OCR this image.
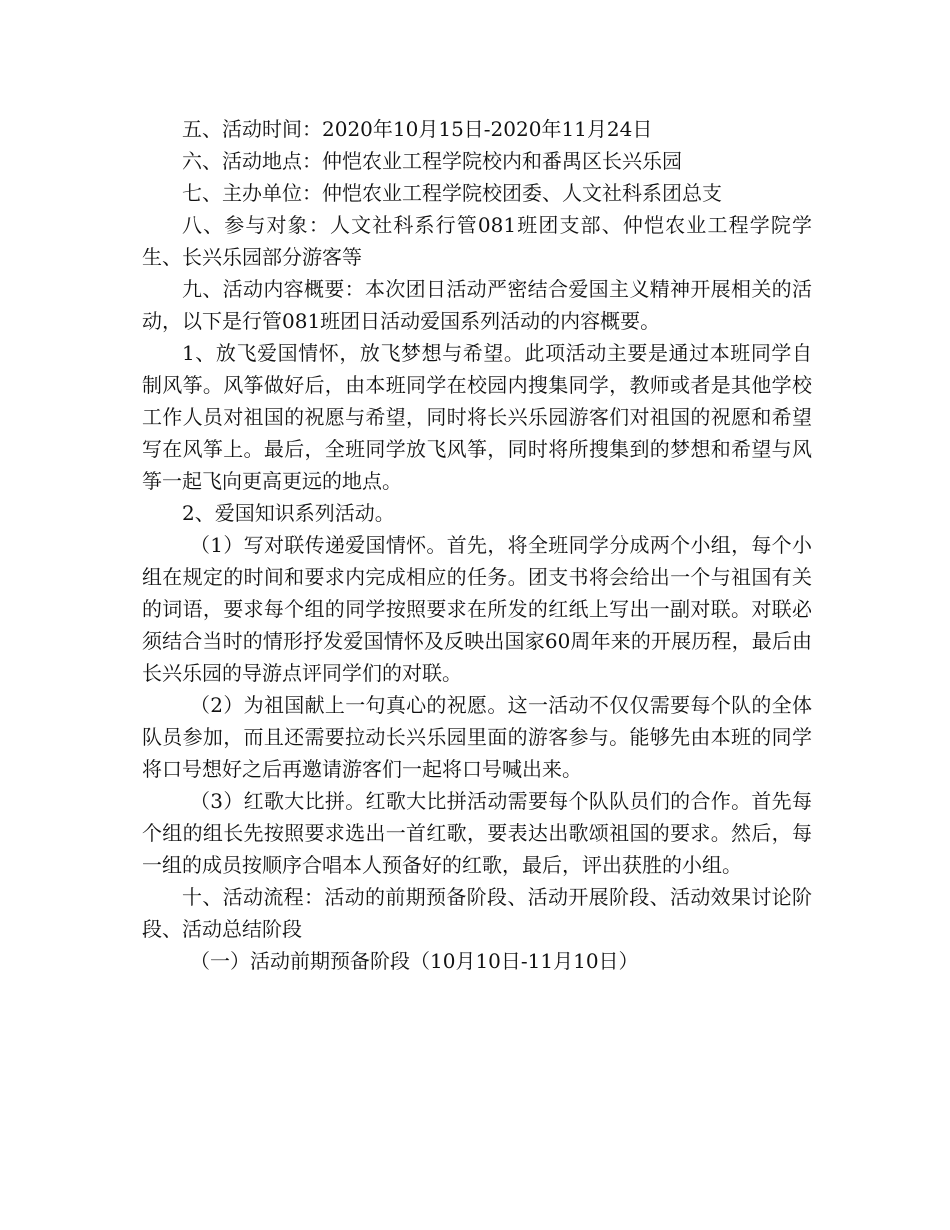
五、活动时间：2020年10月15日-2020年11月24日

六、活动地点：仲恺农业工程学院校内和番禺区长兴乐园

七、主办单位：仲恺农业工程学院校团委、人文社科系团总支

八、参与对象：人文社科系行管081班团支部、仲恺农业工程学院学生、长兴乐园部分游客等

九、活动内容概要：本次团日活动严密结合爱国主义精神开展相关的活动，以下是行管081班团日活动爱国系列活动的内容概要。

1、放飞爱国情怀，放飞梦想与希望。此项活动主要是通过本班同学自制风筝。风筝做好后，由本班同学在校园内搜集同学，教师或者是其他学校工作人员对祖国的祝愿与希望，同时将长兴乐园游客们对祖国的祝愿和希望写在风筝上。最后，全班同学放飞风筝，同时将所搜集到的梦想和希望与风筝一起飞向更高更远的地点。

2、爱国知识系列活动。

（1）写对联传递爱国情怀。首先，将全班同学分成两个小组，每个小组在规定的时间和要求内完成相应的任务。团支书将会给出一个与祖国有关的词语，要求每个组的同学按照要求在所发的红纸上写出一副对联。对联必须结合当时的情形抒发爱国情怀及反映出国家60周年来的开展历程，最后由长兴乐园的导游点评同学们的对联。

（2）为祖国献上一句真心的祝愿。这一活动不仅仅需要每个队的全体队员参加，而且还需要拉动长兴乐园里面的游客参与。能够先由本班的同学将口号想好之后再邀请游客们一起将口号喊出来。

（3）红歌大比拼。红歌大比拼活动需要每个队队员们的合作。首先每个组的组长先按照要求选出一首红歌，要表达出歌颂祖国的要求。然后，每一组的成员按顺序合唱本人预备好的红歌，最后，评出获胜的小组。

十、活动流程：活动的前期预备阶段、活动开展阶段、活动效果讨论阶段、活动总结阶段

（一）活动前期预备阶段（10月10日-11月10日）
